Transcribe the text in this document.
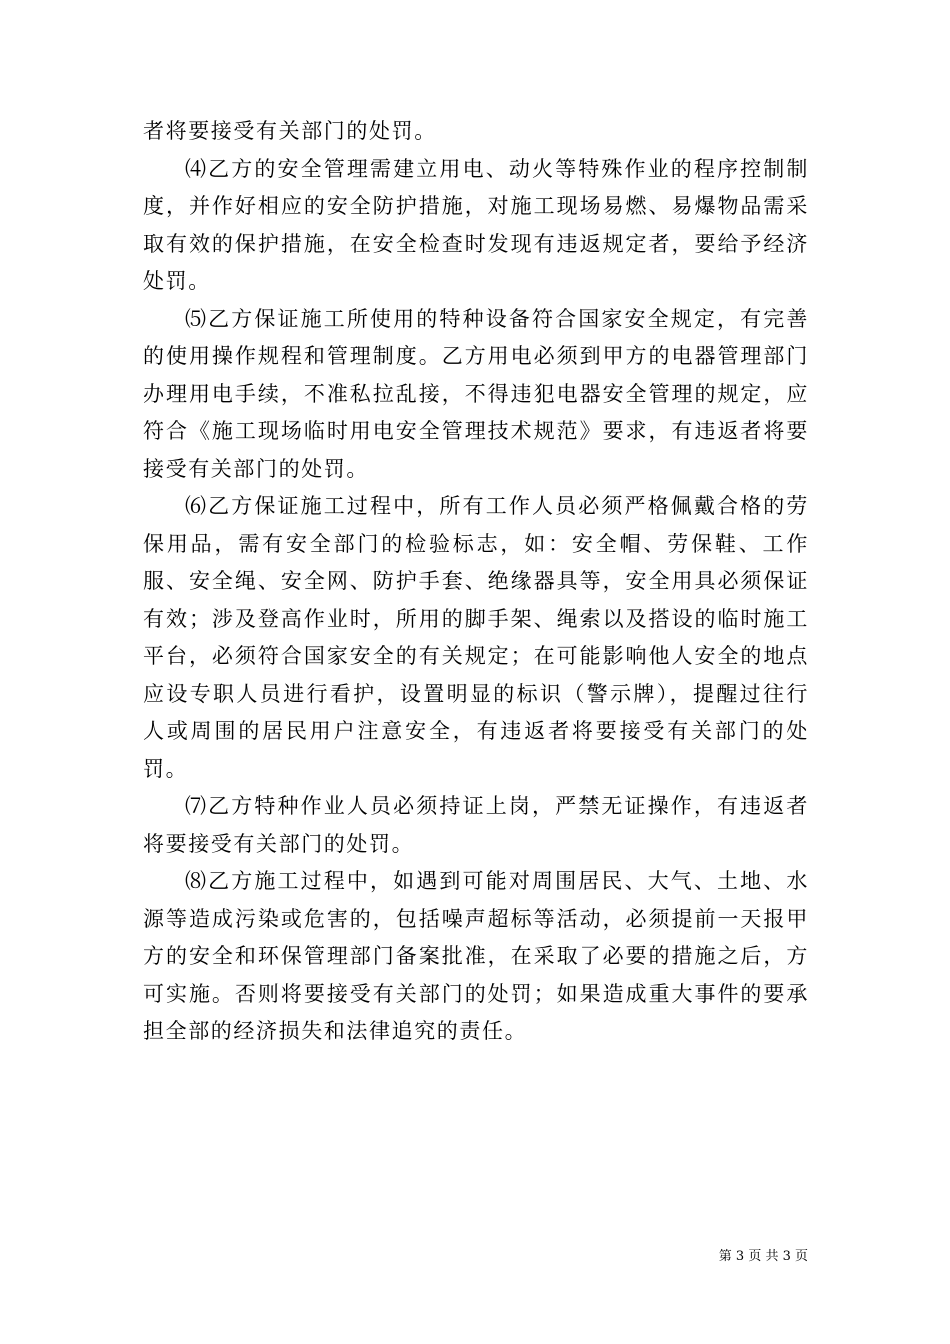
者将要接受有关部门的处罚。

⑷乙方的安全管理需建立用电、动火等特殊作业的程序控制制度，并作好相应的安全防护措施，对施工现场易燃、易爆物品需采取有效的保护措施，在安全检查时发现有违返规定者，要给予经济处罚。

⑸乙方保证施工所使用的特种设备符合国家安全规定，有完善的使用操作规程和管理制度。乙方用电必须到甲方的电器管理部门办理用电手续，不准私拉乱接，不得违犯电器安全管理的规定，应符合《施工现场临时用电安全管理技术规范》要求，有违返者将要接受有关部门的处罚。

⑹乙方保证施工过程中，所有工作人员必须严格佩戴合格的劳保用品，需有安全部门的检验标志，如：安全帽、劳保鞋、工作服、安全绳、安全网、防护手套、绝缘器具等，安全用具必须保证有效；涉及登高作业时，所用的脚手架、绳索以及搭设的临时施工平台，必须符合国家安全的有关规定；在可能影响他人安全的地点应设专职人员进行看护，设置明显的标识（警示牌），提醒过往行人或周围的居民用户注意安全，有违返者将要接受有关部门的处罚。

⑺乙方特种作业人员必须持证上岗，严禁无证操作，有违返者将要接受有关部门的处罚。

⑻乙方施工过程中，如遇到可能对周围居民、大气、土地、水源等造成污染或危害的，包括噪声超标等活动，必须提前一天报甲方的安全和环保管理部门备案批准，在采取了必要的措施之后，方可实施。否则将要接受有关部门的处罚；如果造成重大事件的要承担全部的经济损失和法律追究的责任。

第 3 页 共 3 页
